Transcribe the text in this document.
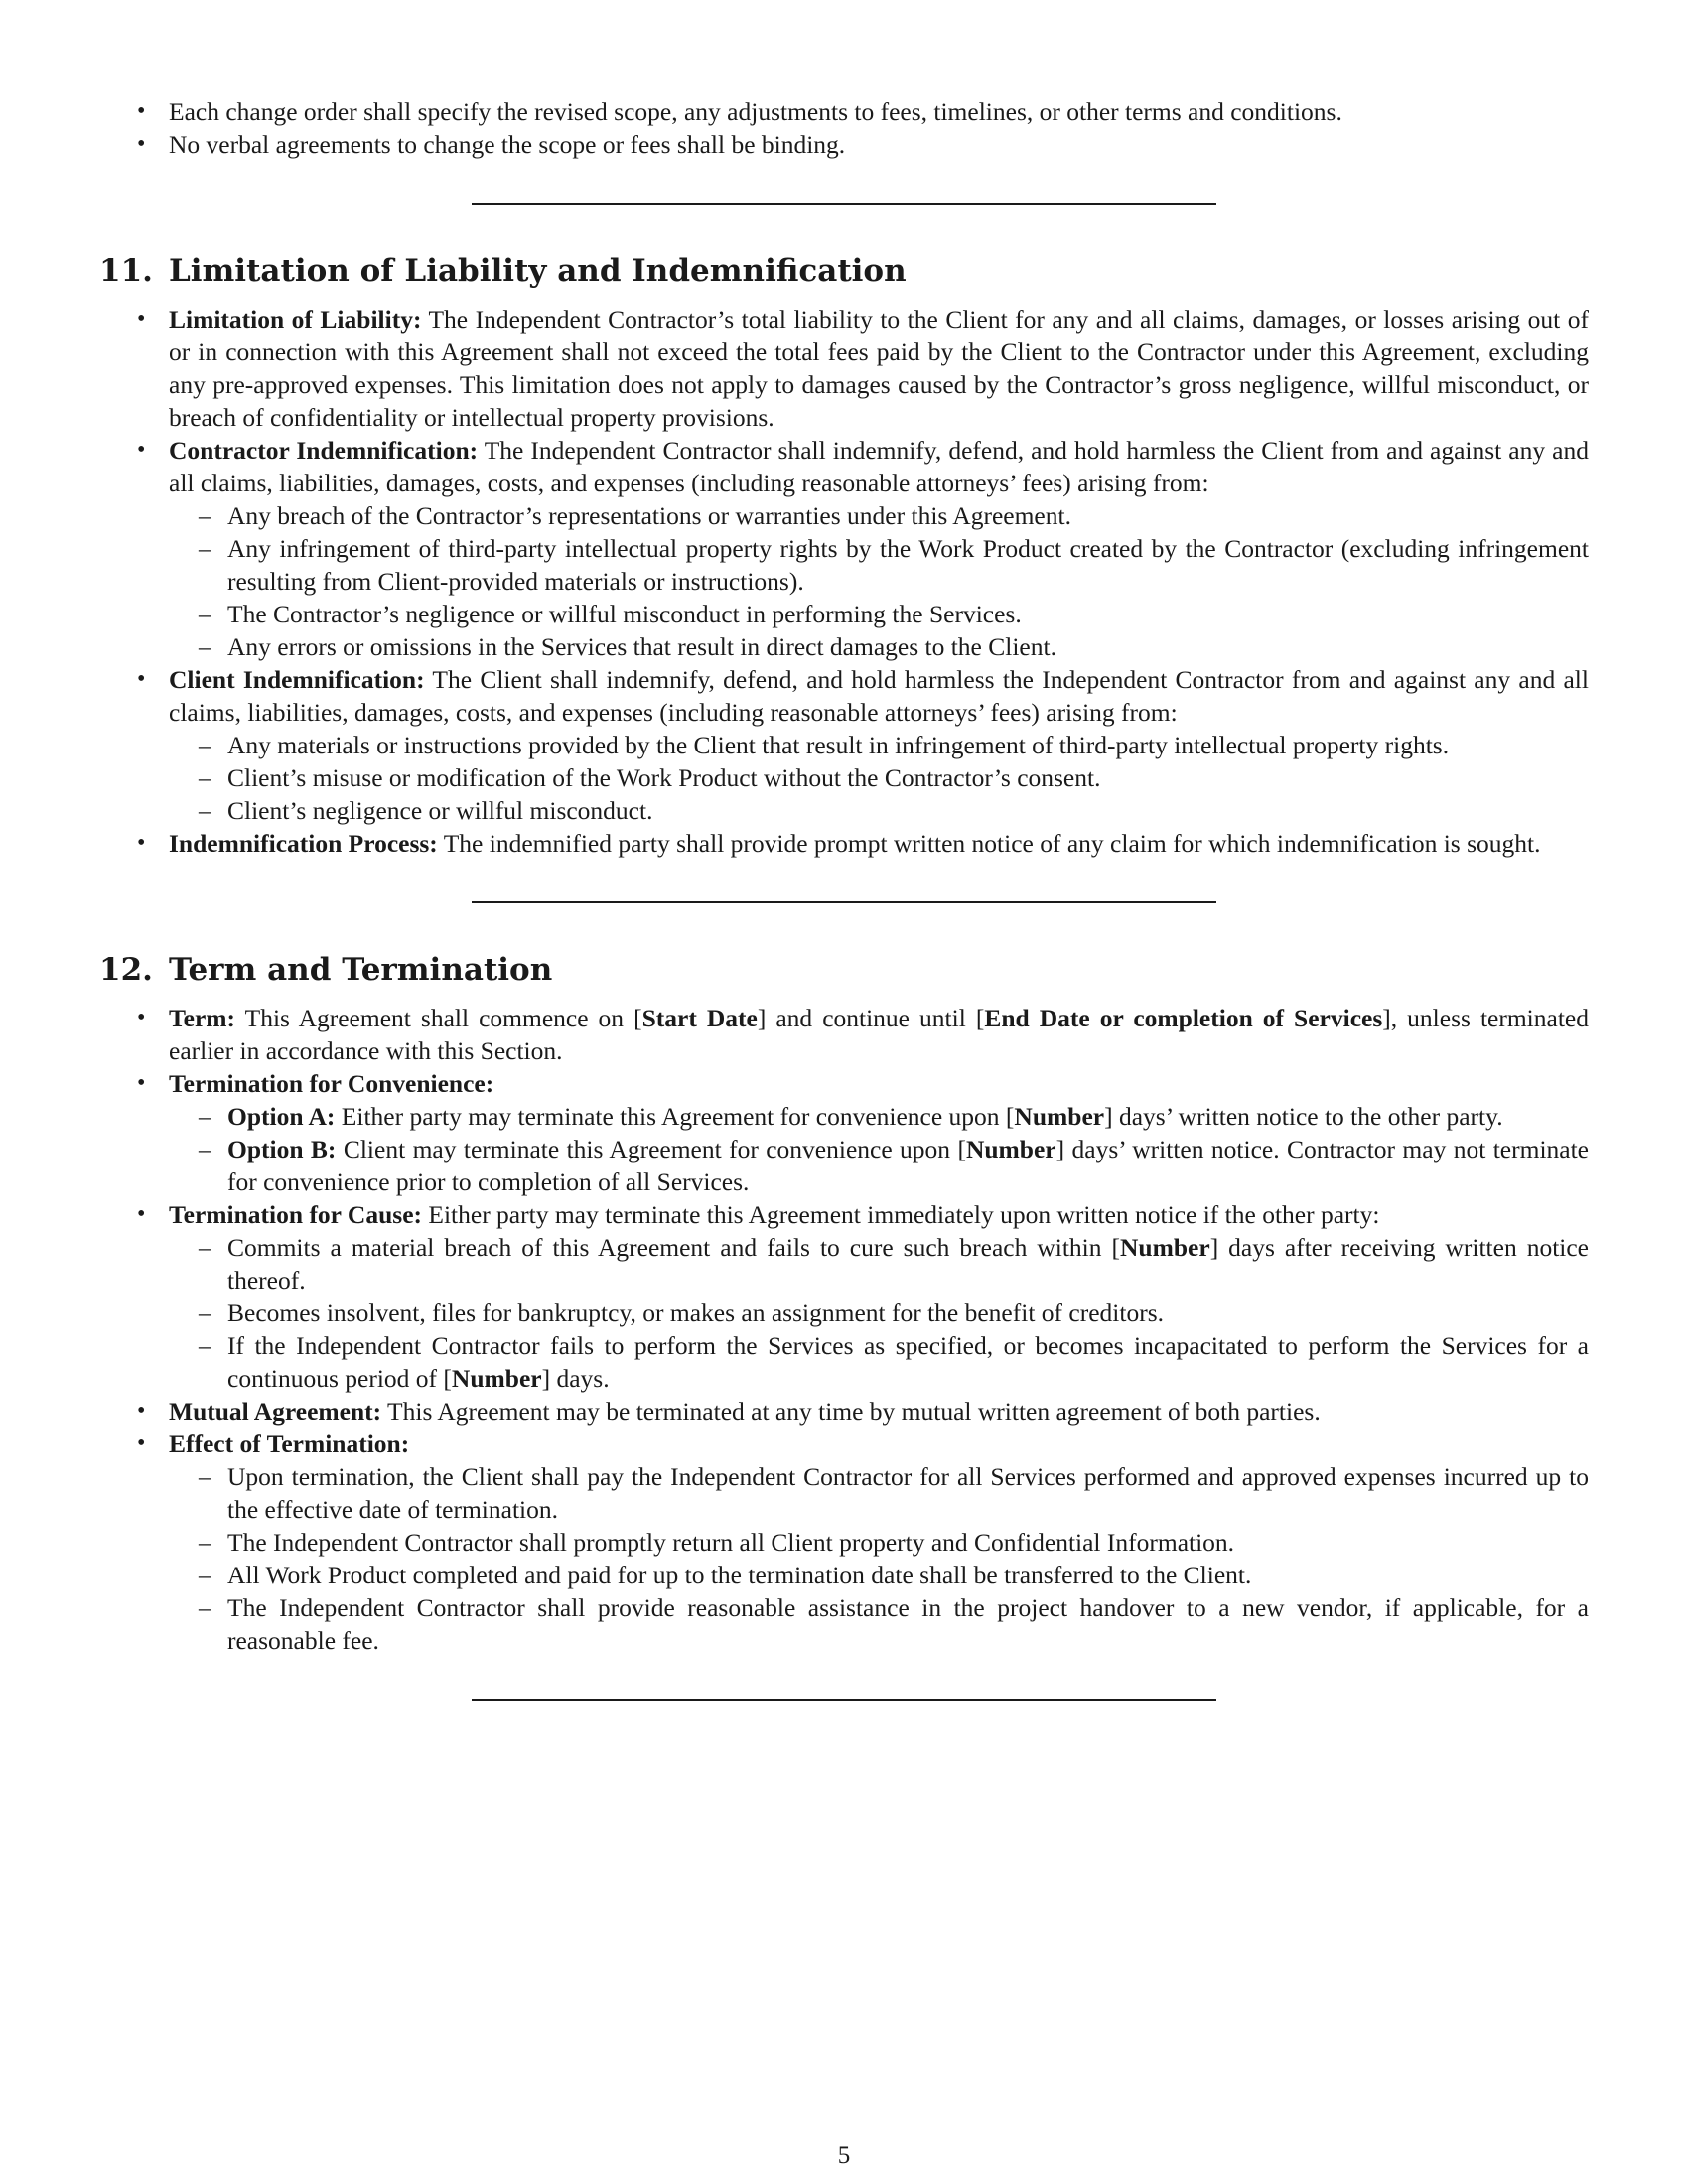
• Each change order shall specify the revised scope, any adjustments to fees, timelines, or other terms and conditions.
• No verbal agreements to change the scope or fees shall be binding.
11. Limitation of Liability and Indemnification
• Limitation of Liability: The Independent Contractor’s total liability to the Client for any and all claims, damages, or losses arising out of or in connection with this Agreement shall not exceed the total fees paid by the Client to the Contractor under this Agreement, excluding any pre-approved expenses. This limitation does not apply to damages caused by the Contractor’s gross negligence, willful misconduct, or breach of confidentiality or intellectual property provisions.
• Contractor Indemnification: The Independent Contractor shall indemnify, defend, and hold harmless the Client from and against any and all claims, liabilities, damages, costs, and expenses (including reasonable attorneys’ fees) arising from:
– Any breach of the Contractor’s representations or warranties under this Agreement.
– Any infringement of third-party intellectual property rights by the Work Product created by the Contractor (excluding infringement resulting from Client-provided materials or instructions).
– The Contractor’s negligence or willful misconduct in performing the Services.
– Any errors or omissions in the Services that result in direct damages to the Client.
• Client Indemnification: The Client shall indemnify, defend, and hold harmless the Independent Contractor from and against any and all claims, liabilities, damages, costs, and expenses (including reasonable attorneys’ fees) arising from:
– Any materials or instructions provided by the Client that result in infringement of third-party intellectual property rights.
– Client’s misuse or modification of the Work Product without the Contractor’s consent.
– Client’s negligence or willful misconduct.
• Indemnification Process: The indemnified party shall provide prompt written notice of any claim for which indemnification is sought.
12. Term and Termination
• Term: This Agreement shall commence on [Start Date] and continue until [End Date or completion of Services], unless terminated earlier in accordance with this Section.
• Termination for Convenience:
– Option A: Either party may terminate this Agreement for convenience upon [Number] days’ written notice to the other party.
– Option B: Client may terminate this Agreement for convenience upon [Number] days’ written notice. Contractor may not terminate for convenience prior to completion of all Services.
• Termination for Cause: Either party may terminate this Agreement immediately upon written notice if the other party:
– Commits a material breach of this Agreement and fails to cure such breach within [Number] days after receiving written notice thereof.
– Becomes insolvent, files for bankruptcy, or makes an assignment for the benefit of creditors.
– If the Independent Contractor fails to perform the Services as specified, or becomes incapacitated to perform the Services for a continuous period of [Number] days.
• Mutual Agreement: This Agreement may be terminated at any time by mutual written agreement of both parties.
• Effect of Termination:
– Upon termination, the Client shall pay the Independent Contractor for all Services performed and approved expenses incurred up to the effective date of termination.
– The Independent Contractor shall promptly return all Client property and Confidential Information.
– All Work Product completed and paid for up to the termination date shall be transferred to the Client.
– The Independent Contractor shall provide reasonable assistance in the project handover to a new vendor, if applicable, for a reasonable fee.
5
